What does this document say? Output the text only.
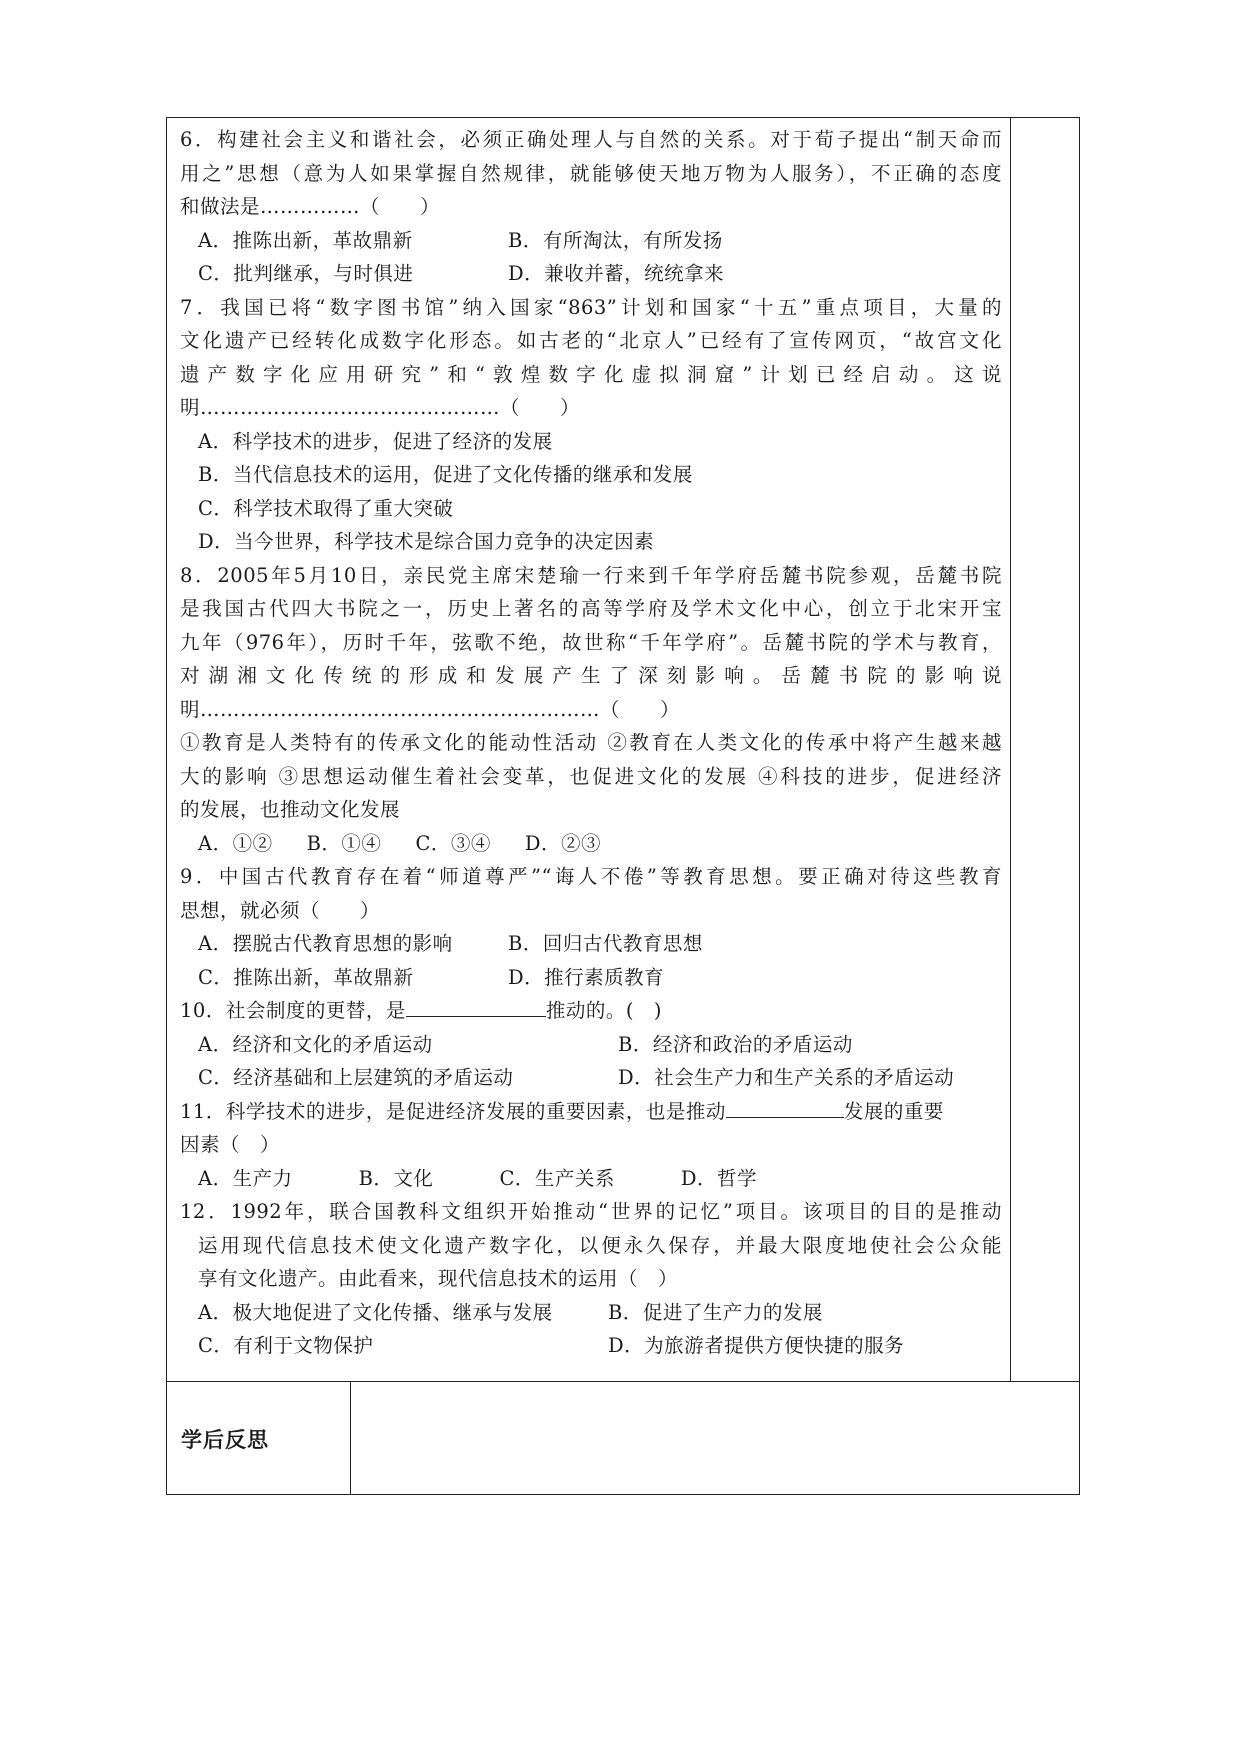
6．构建社会主义和谐社会，必须正确处理人与自然的关系。对于荀子提出“制天命而

用之”思想（意为人如果掌握自然规律，就能够使天地万物为人服务），不正确的态度

和做法是……………（　　）

A．推陈出新，革故鼎新	B．有所淘汰，有所发扬
C．批判继承，与时俱进	D．兼收并蓄，统统拿来

7．我国已将“数字图书馆”纳入国家“863”计划和国家“十五”重点项目，大量的

文化遗产已经转化成数字化形态。如古老的“北京人”已经有了宣传网页，“故宫文化

遗产数字化应用研究”和“敦煌数字化虚拟洞窟”计划已经启动。这说

明………………………………………（　　）

A．科学技术的进步，促进了经济的发展

B．当代信息技术的运用，促进了文化传播的继承和发展

C．科学技术取得了重大突破

D．当今世界，科学技术是综合国力竞争的决定因素

8．2005年5月10日，亲民党主席宋楚瑜一行来到千年学府岳麓书院参观，岳麓书院

是我国古代四大书院之一，历史上著名的高等学府及学术文化中心，创立于北宋开宝

九年（976年），历时千年，弦歌不绝，故世称“千年学府”。岳麓书院的学术与教育，

对湖湘文化传统的形成和发展产生了深刻影响。岳麓书院的影响说

明……………………………………………………（　　）

①教育是人类特有的传承文化的能动性活动 ②教育在人类文化的传承中将产生越来越

大的影响 ③思想运动催生着社会变革，也促进文化的发展 ④科技的进步，促进经济

的发展，也推动文化发展

A．①② B．①④ C．③④ D．②③

9．中国古代教育存在着“师道尊严”“诲人不倦”等教育思想。要正确对待这些教育

思想，就必须（　　）

A．摆脱古代教育思想的影响	B．回归古代教育思想
C．推陈出新，革故鼎新	D．推行素质教育

10．社会制度的更替，是	推动的。(　)

A．经济和文化的矛盾运动	B．经济和政治的矛盾运动
C．经济基础和上层建筑的矛盾运动	D．社会生产力和生产关系的矛盾运动

11．科学技术的进步，是促进经济发展的重要因素，也是推动	发展的重要

因素（　）

A．生产力	B．文化	C．生产关系	D．哲学

12．1992年，联合国教科文组织开始推动“世界的记忆”项目。该项目的目的是推动

运用现代信息技术使文化遗产数字化，以便永久保存，并最大限度地使社会公众能

享有文化遗产。由此看来，现代信息技术的运用（　）

A．极大地促进了文化传播、继承与发展	B．促进了生产力的发展
C．有利于文物保护	D．为旅游者提供方便快捷的服务
学后反思
